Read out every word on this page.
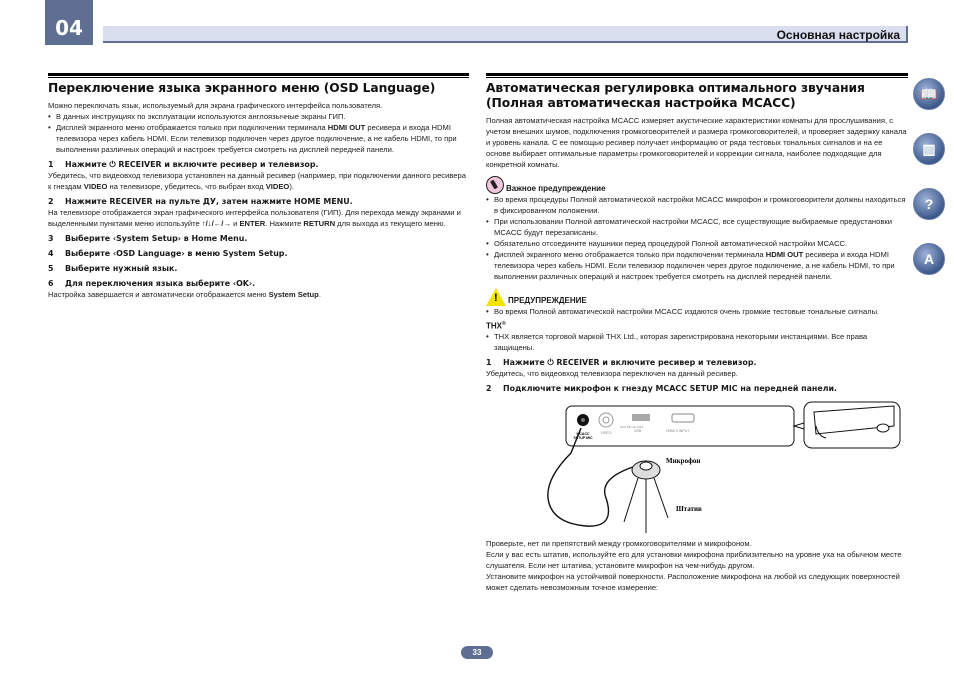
04	Основная настройка
Переключение языка экранного меню (OSD Language)

Можно переключать язык, используемый для экрана графического интерфейса пользователя.

• В данных инструкциях по эксплуатации используются англоязычные экраны ГИП.
• Дисплей экранного меню отображается только при подключении терминала HDMI OUT ресивера и входа HDMI телевизора через кабель HDMI. Если телевизор подключен через другое подключение, а не кабель HDMI, то при выполнении различных операций и настроек требуется смотреть на дисплей передней панели.
1	Нажмите ⏻ RECEIVER и включите ресивер и телевизор.

Убедитесь, что видеовход телевизора установлен на данный ресивер (например, при подключении данного ресивера к гнездам VIDEO на телевизоре, убедитесь, что выбран вход VIDEO).

2	Нажмите RECEIVER на пульте ДУ, затем нажмите HOME MENU.

На телевизоре отображается экран графического интерфейса пользователя (ГИП). Для перехода между экранами и выделенными пунктами меню используйте ↑/↓/←/→ и ENTER. Нажмите RETURN для выхода из текущего меню.

3	Выберите ‹System Setup› в Home Menu.
4	Выберите ‹OSD Language› в меню System Setup.
5	Выберите нужный язык.
6	Для переключения языка выберите ‹OK›.

Настройка завершается и автоматически отображается меню System Setup.

Автоматическая регулировка оптимального звучания (Полная автоматическая настройка MCACC)

Полная автоматическая настройка MCACC измеряет акустические характеристики комнаты для прослушивания, с учетом внешних шумов, подключения громкоговорителей и размера громкоговорителей, и проверяет задержку канала и уровень канала. С ее помощью ресивер получает информацию от ряда тестовых тональных сигналов и на ее основе выбирает оптимальные параметры громкоговорителей и коррекции сигнала, наиболее подходящие для конкретной комнаты.

Важное предупреждение
• Во время процедуры Полной автоматической настройки MCACC микрофон и громкоговорители должны находиться в фиксированном положении.
• При использовании Полной автоматической настройки MCACC, все существующие выбираемые предустановки MCACC будут перезаписаны.
• Обязательно отсоедините наушники перед процедурой Полной автоматической настройки MCACC.
• Дисплей экранного меню отображается только при подключении терминала HDMI OUT ресивера и входа HDMI телевизора через кабель HDMI. Если телевизор подключен через другое подключение, а не кабель HDMI, то при выполнении различных операций и настроек требуется смотреть на дисплей передней панели.
! ПРЕДУПРЕЖДЕНИЕ
• Во время Полной автоматической настройки MCACC издаются очень громкие тестовые тональные сигналы.
THX®
• THX является торговой маркой THX Ltd., которая зарегистрирована некоторыми инстанциями. Все права защищены.
1	Нажмите ⏻ RECEIVER и включите ресивер и телевизор.

Убедитесь, что видеовход телевизора переключен на данный ресивер.

2	Подключите микрофон к гнезду MCACC SETUP MIC на передней панели.
MCACC
SETUP MIC
VIDEO
iPod iPhone iPad
USB	HDMI 5 INPUT
Микрофон
Штатив

Проверьте, нет ли препятствий между громкоговорителями и микрофоном.

Если у вас есть штатив, используйте его для установки микрофона приблизительно на уровне уха на обычном месте слушателя. Если нет штатива, установите микрофон на чем-нибудь другом.

Установите микрофон на устойчивой поверхности. Расположение микрофона на любой из следующих поверхностей может сделать невозможным точное измерение:

📖
▥
?
A
33
